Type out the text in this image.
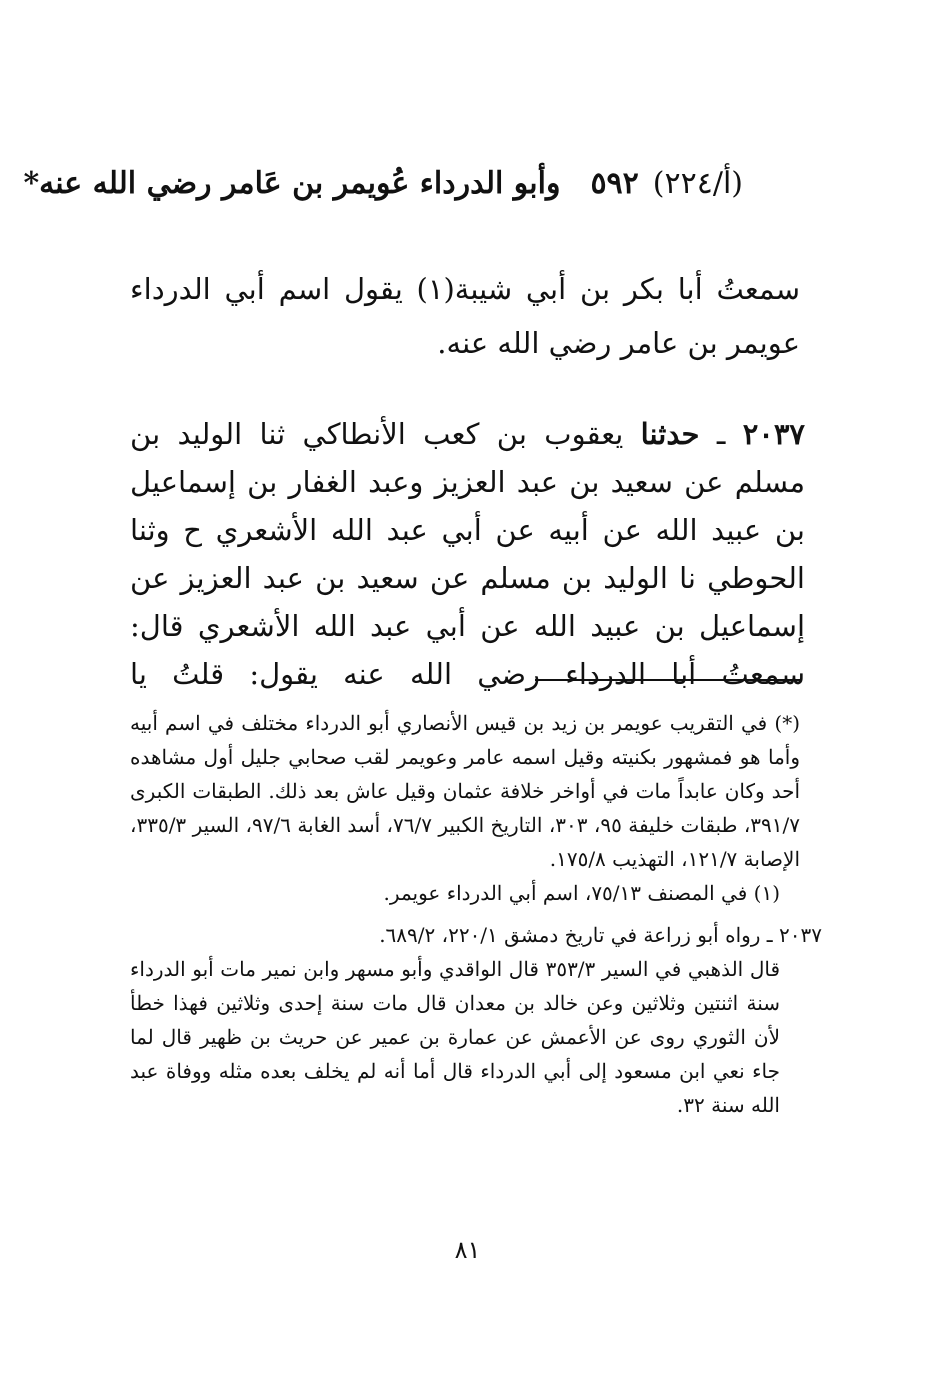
(أ/٢٢٤)٥٩٢وأبو الدرداء عُويمر بن عَامر رضي الله عنه*

سمعتُ أبا بكر بن أبي شيبة(١) يقول اسم أبي الدرداء عويمر بن عامر رضي الله عنه.

٢٠٣٧ ـ حدثنا يعقوب بن كعب الأنطاكي ثنا الوليد بن مسلم عن سعيد بن عبد العزيز وعبد الغفار بن إسماعيل بن عبيد الله عن أبيه عن أبي عبد الله الأشعري ح وثنا الحوطي نا الوليد بن مسلم عن سعيد بن عبد العزيز عن إسماعيل بن عبيد الله عن أبي عبد الله الأشعري قال: سمعتُ أبا الدرداء رضي الله عنه يقول: قلتُ يا

(*) في التقريب عويمر بن زيد بن قيس الأنصاري أبو الدرداء مختلف في اسم أبيه وأما هو فمشهور بكنيته وقيل اسمه عامر وعويمر لقب صحابي جليل أول مشاهده أحد وكان عابداً مات في أواخر خلافة عثمان وقيل عاش بعد ذلك. الطبقات الكبرى ٣٩١/٧، طبقات خليفة ٩٥، ٣٠٣، التاريخ الكبير ٧٦/٧، أسد الغابة ٩٧/٦، السير ٣٣٥/٣، الإصابة ١٢١/٧، التهذيب ١٧٥/٨.

(١) في المصنف ٧٥/١٣، اسم أبي الدرداء عويمر.

٢٠٣٧ ـ رواه أبو زراعة في تاريخ دمشق ٢٢٠/١، ٦٨٩/٢.

قال الذهبي في السير ٣٥٣/٣ قال الواقدي وأبو مسهر وابن نمير مات أبو الدرداء سنة اثنتين وثلاثين وعن خالد بن معدان قال مات سنة إحدى وثلاثين فهذا خطأ لأن الثوري روى عن الأعمش عن عمارة بن عمير عن حريث بن ظهير قال لما جاء نعي ابن مسعود إلى أبي الدرداء قال أما أنه لم يخلف بعده مثله ووفاة عبد الله سنة ٣٢.

٨١
